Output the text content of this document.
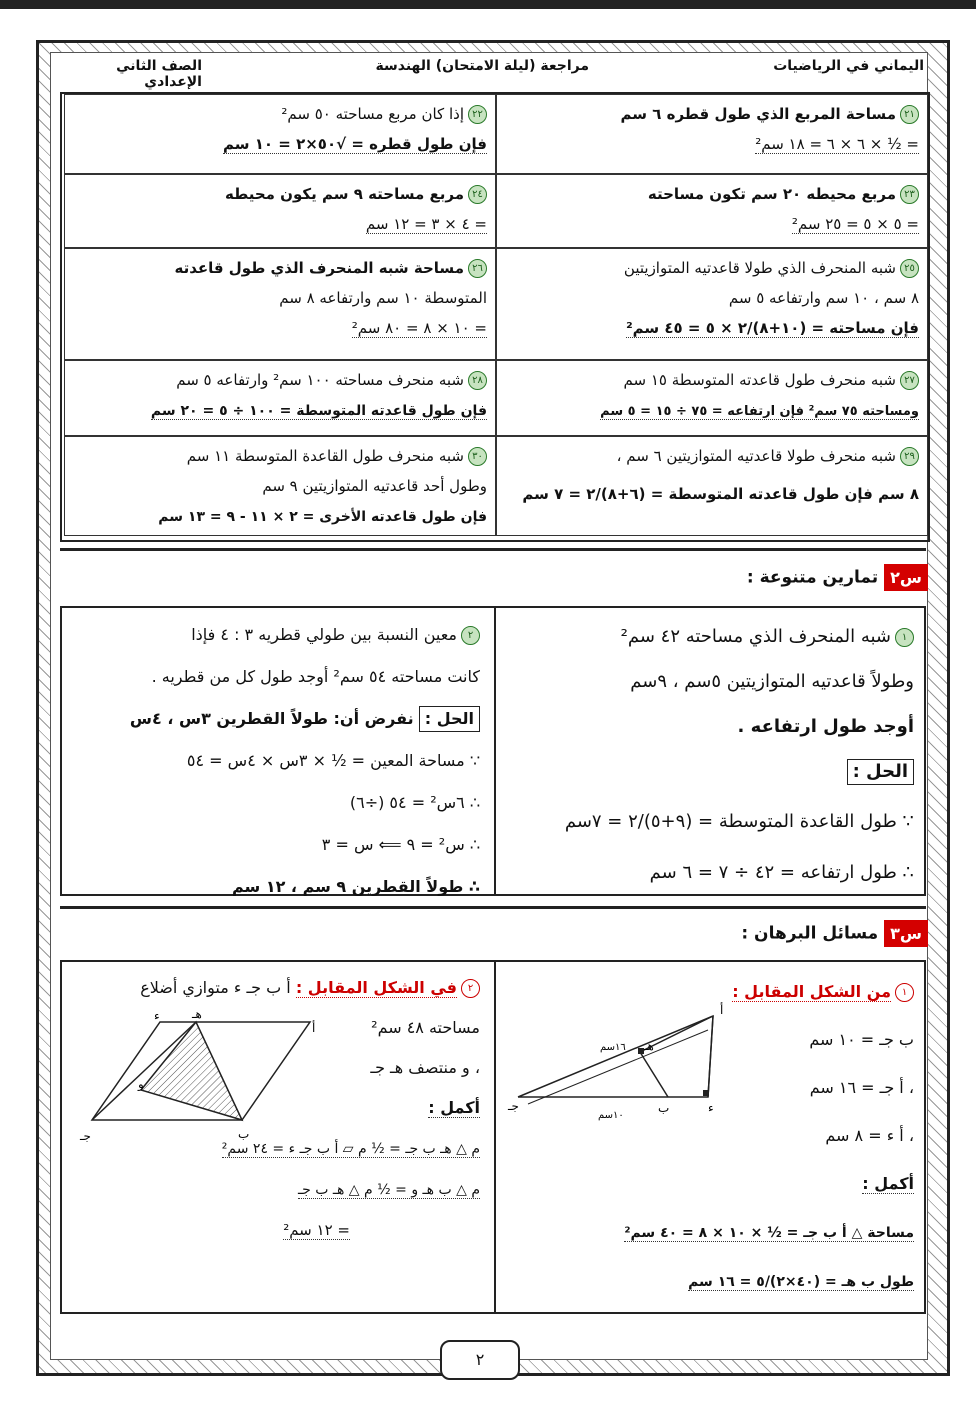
اليماني في الرياضيات
مراجعة (ليلة الامتحان) الهندسة
الصف الثاني الإعدادي
٢١مساحة المربع الذي طول قطره ٦ سم
= ½ × ٦ × ٦ = ١٨ سم²
٢٢إذا كان مربع مساحته ٥٠ سم²
فإن طول قطره = √٥٠×٢ = ١٠ سم
٢٣مربع محيطه ٢٠ سم تكون مساحته
= ٥ × ٥ = ٢٥ سم²
٢٤مربع مساحته ٩ سم يكون محيطه
= ٤ × ٣ = ١٢ سم
٢٥شبه المنحرف الذي طولا قاعدتيه المتوازيتين
٨ سم ، ١٠ سم وارتفاعه ٥ سم
فإن مساحته = (١٠+٨)/٢ × ٥ = ٤٥ سم²
٢٦مساحة شبه المنحرف الذي طول قاعدته
المتوسطة ١٠ سم وارتفاعه ٨ سم
= ١٠ × ٨ = ٨٠ سم²
٢٧شبه منحرف طول قاعدته المتوسطة ١٥ سم
ومساحته ٧٥ سم² فإن ارتفاعه = ٧٥ ÷ ١٥ = ٥ سم
٢٨شبه منحرف مساحته ١٠٠ سم² وارتفاعه ٥ سم
فإن طول قاعدته المتوسطة = ١٠٠ ÷ ٥ = ٢٠ سم
٢٩شبه منحرف طولا قاعدتيه المتوازيتين ٦ سم ،
٨ سم فإن طول قاعدته المتوسطة = (٦+٨)/٢ = ٧ سم
٣٠شبه منحرف طول القاعدة المتوسطة ١١ سم
وطول أحد قاعدتيه المتوازيتين ٩ سم
فإن طول قاعدته الأخرى = ٢ × ١١ - ٩ = ١٣ سم
س٢تمارين متنوعة :
١شبه المنحرف الذي مساحته ٤٢ سم²
وطولاً قاعدتيه المتوازيتين ٥سم ، ٩سم
أوجد طول ارتفاعه .
الحل :
∵ طول القاعدة المتوسطة = (٩+٥)/٢ = ٧سم
∴ طول ارتفاعه = ٤٢ ÷ ٧ = ٦ سم
٢معين النسبة بين طولي قطريه ٣ : ٤ فإذا
كانت مساحته ٥٤ سم² أوجد طول كل من قطريه .
الحل : نفرض أن: طولاً القطرين ٣س ، ٤س
∵ مساحة المعين = ½ × ٣س × ٤س = ٥٤
∴ ٦س² = ٥٤ (÷٦)
∴ س² = ٩ ⟸ س = ٣
∴ طولاً القطرين ٩ سم ، ١٢ سم
س٣مسائل البرهان :
١من الشكل المقابل :
ب جـ = ١٠ سم
، أ جـ = ١٦ سم
، أ ء = ٨ سم
أكمل :
مساحة △ أ ب جـ = ½ × ١٠ × ٨ = ٤٠ سم²
طول ب هـ = (٤٠×٢)/٥ = ١٦ سم
أ
ب
جـ	ء
هـ
١٦سم
١٠سم
٢في الشكل المقابل : أ ب جـ ء متوازي أضلاع
مساحته ٤٨ سم²
، و منتصف هـ جـ
أكمل :
م △ هـ ب جـ = ½ م ▱ أ ب جـ ء = ٢٤ سم²
م △ ب هـ و = ½ م △ هـ ب جـ
= ١٢ سم²
أ
ب
جـ
ء	هـ
و
٢
